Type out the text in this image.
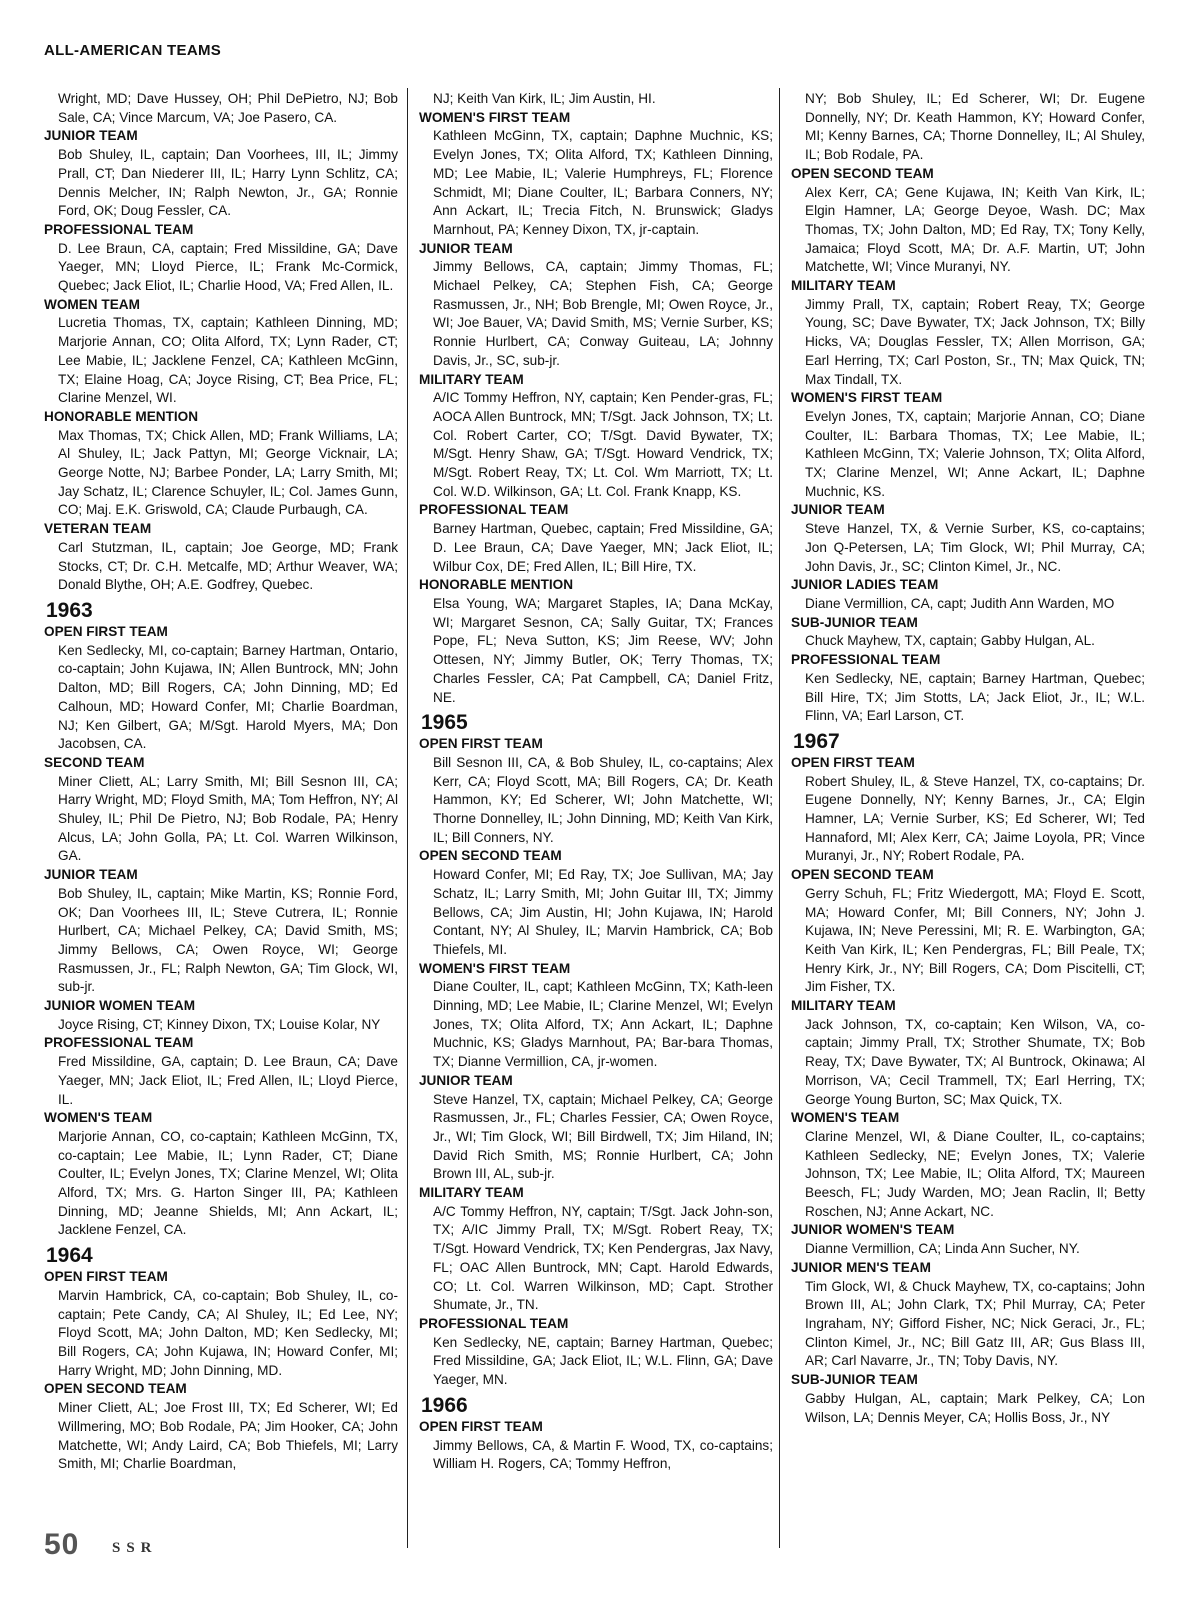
ALL-AMERICAN TEAMS
Wright, MD; Dave Hussey, OH; Phil DePietro, NJ; Bob Sale, CA; Vince Marcum, VA; Joe Pasero, CA.
JUNIOR TEAM
Bob Shuley, IL, captain; Dan Voorhees, III, IL; Jimmy Prall, CT; Dan Niederer III, IL; Harry Lynn Schlitz, CA; Dennis Melcher, IN; Ralph Newton, Jr., GA; Ronnie Ford, OK; Doug Fessler, CA.
PROFESSIONAL TEAM
D. Lee Braun, CA, captain; Fred Missildine, GA; Dave Yaeger, MN; Lloyd Pierce, IL; Frank Mc-Cormick, Quebec; Jack Eliot, IL; Charlie Hood, VA; Fred Allen, IL.
WOMEN TEAM
Lucretia Thomas, TX, captain; Kathleen Dinning, MD; Marjorie Annan, CO; Olita Alford, TX; Lynn Rader, CT; Lee Mabie, IL; Jacklene Fenzel, CA; Kathleen McGinn, TX; Elaine Hoag, CA; Joyce Rising, CT; Bea Price, FL; Clarine Menzel, WI.
HONORABLE MENTION
Max Thomas, TX; Chick Allen, MD; Frank Williams, LA; Al Shuley, IL; Jack Pattyn, MI; George Vicknair, LA; George Notte, NJ; Barbee Ponder, LA; Larry Smith, MI; Jay Schatz, IL; Clarence Schuyler, IL; Col. James Gunn, CO; Maj. E.K. Griswold, CA; Claude Purbaugh, CA.
VETERAN TEAM
Carl Stutzman, IL, captain; Joe George, MD; Frank Stocks, CT; Dr. C.H. Metcalfe, MD; Arthur Weaver, WA; Donald Blythe, OH; A.E. Godfrey, Quebec.
1963
OPEN FIRST TEAM
Ken Sedlecky, MI, co-captain; Barney Hartman, Ontario, co-captain; John Kujawa, IN; Allen Buntrock, MN; John Dalton, MD; Bill Rogers, CA; John Dinning, MD; Ed Calhoun, MD; Howard Confer, MI; Charlie Boardman, NJ; Ken Gilbert, GA; M/Sgt. Harold Myers, MA; Don Jacobsen, CA.
SECOND TEAM
Miner Cliett, AL; Larry Smith, MI; Bill Sesnon III, CA; Harry Wright, MD; Floyd Smith, MA; Tom Heffron, NY; Al Shuley, IL; Phil De Pietro, NJ; Bob Rodale, PA; Henry Alcus, LA; John Golla, PA; Lt. Col. Warren Wilkinson, GA.
JUNIOR TEAM
Bob Shuley, IL, captain; Mike Martin, KS; Ronnie Ford, OK; Dan Voorhees III, IL; Steve Cutrera, IL; Ronnie Hurlbert, CA; Michael Pelkey, CA; David Smith, MS; Jimmy Bellows, CA; Owen Royce, WI; George Rasmussen, Jr., FL; Ralph Newton, GA; Tim Glock, WI, sub-jr.
JUNIOR WOMEN TEAM
Joyce Rising, CT; Kinney Dixon, TX; Louise Kolar, NY
PROFESSIONAL TEAM
Fred Missildine, GA, captain; D. Lee Braun, CA; Dave Yaeger, MN; Jack Eliot, IL; Fred Allen, IL; Lloyd Pierce, IL.
WOMEN'S TEAM
Marjorie Annan, CO, co-captain; Kathleen McGinn, TX, co-captain; Lee Mabie, IL; Lynn Rader, CT; Diane Coulter, IL; Evelyn Jones, TX; Clarine Menzel, WI; Olita Alford, TX; Mrs. G. Harton Singer III, PA; Kathleen Dinning, MD; Jeanne Shields, MI; Ann Ackart, IL; Jacklene Fenzel, CA.
1964
OPEN FIRST TEAM
Marvin Hambrick, CA, co-captain; Bob Shuley, IL, co-captain; Pete Candy, CA; Al Shuley, IL; Ed Lee, NY; Floyd Scott, MA; John Dalton, MD; Ken Sedlecky, MI; Bill Rogers, CA; John Kujawa, IN; Howard Confer, MI; Harry Wright, MD; John Dinning, MD.
OPEN SECOND TEAM
Miner Cliett, AL; Joe Frost III, TX; Ed Scherer, WI; Ed Willmering, MO; Bob Rodale, PA; Jim Hooker, CA; John Matchette, WI; Andy Laird, CA; Bob Thiefels, MI; Larry Smith, MI; Charlie Boardman,
NJ; Keith Van Kirk, IL; Jim Austin, HI.
WOMEN'S FIRST TEAM
Kathleen McGinn, TX, captain; Daphne Muchnic, KS; Evelyn Jones, TX; Olita Alford, TX; Kathleen Dinning, MD; Lee Mabie, IL; Valerie Humphreys, FL; Florence Schmidt, MI; Diane Coulter, IL; Barbara Conners, NY; Ann Ackart, IL; Trecia Fitch, N. Brunswick; Gladys Marnhout, PA; Kenney Dixon, TX, jr-captain.
JUNIOR TEAM
Jimmy Bellows, CA, captain; Jimmy Thomas, FL; Michael Pelkey, CA; Stephen Fish, CA; George Rasmussen, Jr., NH; Bob Brengle, MI; Owen Royce, Jr., WI; Joe Bauer, VA; David Smith, MS; Vernie Surber, KS; Ronnie Hurlbert, CA; Conway Guiteau, LA; Johnny Davis, Jr., SC, sub-jr.
MILITARY TEAM
A/IC Tommy Heffron, NY, captain; Ken Pender-gras, FL; AOCA Allen Buntrock, MN; T/Sgt. Jack Johnson, TX; Lt. Col. Robert Carter, CO; T/Sgt. David Bywater, TX; M/Sgt. Henry Shaw, GA; T/Sgt. Howard Vendrick, TX; M/Sgt. Robert Reay, TX; Lt. Col. Wm Marriott, TX; Lt. Col. W.D. Wilkinson, GA; Lt. Col. Frank Knapp, KS.
PROFESSIONAL TEAM
Barney Hartman, Quebec, captain; Fred Missildine, GA; D. Lee Braun, CA; Dave Yaeger, MN; Jack Eliot, IL; Wilbur Cox, DE; Fred Allen, IL; Bill Hire, TX.
HONORABLE MENTION
Elsa Young, WA; Margaret Staples, IA; Dana McKay, WI; Margaret Sesnon, CA; Sally Guitar, TX; Frances Pope, FL; Neva Sutton, KS; Jim Reese, WV; John Ottesen, NY; Jimmy Butler, OK; Terry Thomas, TX; Charles Fessler, CA; Pat Campbell, CA; Daniel Fritz, NE.
1965
OPEN FIRST TEAM
Bill Sesnon III, CA, & Bob Shuley, IL, co-captains; Alex Kerr, CA; Floyd Scott, MA; Bill Rogers, CA; Dr. Keath Hammon, KY; Ed Scherer, WI; John Matchette, WI; Thorne Donnelley, IL; John Dinning, MD; Keith Van Kirk, IL; Bill Conners, NY.
OPEN SECOND TEAM
Howard Confer, MI; Ed Ray, TX; Joe Sullivan, MA; Jay Schatz, IL; Larry Smith, MI; John Guitar III, TX; Jimmy Bellows, CA; Jim Austin, HI; John Kujawa, IN; Harold Contant, NY; Al Shuley, IL; Marvin Hambrick, CA; Bob Thiefels, MI.
WOMEN'S FIRST TEAM
Diane Coulter, IL, capt; Kathleen McGinn, TX; Kath-leen Dinning, MD; Lee Mabie, IL; Clarine Menzel, WI; Evelyn Jones, TX; Olita Alford, TX; Ann Ackart, IL; Daphne Muchnic, KS; Gladys Marnhout, PA; Bar-bara Thomas, TX; Dianne Vermillion, CA, jr-women.
JUNIOR TEAM
Steve Hanzel, TX, captain; Michael Pelkey, CA; George Rasmussen, Jr., FL; Charles Fessier, CA; Owen Royce, Jr., WI; Tim Glock, WI; Bill Birdwell, TX; Jim Hiland, IN; David Rich Smith, MS; Ronnie Hurlbert, CA; John Brown III, AL, sub-jr.
MILITARY TEAM
A/C Tommy Heffron, NY, captain; T/Sgt. Jack John-son, TX; A/IC Jimmy Prall, TX; M/Sgt. Robert Reay, TX; T/Sgt. Howard Vendrick, TX; Ken Pendergras, Jax Navy, FL; OAC Allen Buntrock, MN; Capt. Harold Edwards, CO; Lt. Col. Warren Wilkinson, MD; Capt. Strother Shumate, Jr., TN.
PROFESSIONAL TEAM
Ken Sedlecky, NE, captain; Barney Hartman, Quebec; Fred Missildine, GA; Jack Eliot, IL; W.L. Flinn, GA; Dave Yaeger, MN.
1966
OPEN FIRST TEAM
Jimmy Bellows, CA, & Martin F. Wood, TX, co-captains; William H. Rogers, CA; Tommy Heffron,
NY; Bob Shuley, IL; Ed Scherer, WI; Dr. Eugene Donnelly, NY; Dr. Keath Hammon, KY; Howard Confer, MI; Kenny Barnes, CA; Thorne Donnelley, IL; Al Shuley, IL; Bob Rodale, PA.
OPEN SECOND TEAM
Alex Kerr, CA; Gene Kujawa, IN; Keith Van Kirk, IL; Elgin Hamner, LA; George Deyoe, Wash. DC; Max Thomas, TX; John Dalton, MD; Ed Ray, TX; Tony Kelly, Jamaica; Floyd Scott, MA; Dr. A.F. Martin, UT; John Matchette, WI; Vince Muranyi, NY.
MILITARY TEAM
Jimmy Prall, TX, captain; Robert Reay, TX; George Young, SC; Dave Bywater, TX; Jack Johnson, TX; Billy Hicks, VA; Douglas Fessler, TX; Allen Morrison, GA; Earl Herring, TX; Carl Poston, Sr., TN; Max Quick, TN; Max Tindall, TX.
WOMEN'S FIRST TEAM
Evelyn Jones, TX, captain; Marjorie Annan, CO; Diane Coulter, IL: Barbara Thomas, TX; Lee Mabie, IL; Kathleen McGinn, TX; Valerie Johnson, TX; Olita Alford, TX; Clarine Menzel, WI; Anne Ackart, IL; Daphne Muchnic, KS.
JUNIOR TEAM
Steve Hanzel, TX, & Vernie Surber, KS, co-captains; Jon Q-Petersen, LA; Tim Glock, WI; Phil Murray, CA; John Davis, Jr., SC; Clinton Kimel, Jr., NC.
JUNIOR LADIES TEAM
Diane Vermillion, CA, capt; Judith Ann Warden, MO
SUB-JUNIOR TEAM
Chuck Mayhew, TX, captain; Gabby Hulgan, AL.
PROFESSIONAL TEAM
Ken Sedlecky, NE, captain; Barney Hartman, Quebec; Bill Hire, TX; Jim Stotts, LA; Jack Eliot, Jr., IL; W.L. Flinn, VA; Earl Larson, CT.
1967
OPEN FIRST TEAM
Robert Shuley, IL, & Steve Hanzel, TX, co-captains; Dr. Eugene Donnelly, NY; Kenny Barnes, Jr., CA; Elgin Hamner, LA; Vernie Surber, KS; Ed Scherer, WI; Ted Hannaford, MI; Alex Kerr, CA; Jaime Loyola, PR; Vince Muranyi, Jr., NY; Robert Rodale, PA.
OPEN SECOND TEAM
Gerry Schuh, FL; Fritz Wiedergott, MA; Floyd E. Scott, MA; Howard Confer, MI; Bill Conners, NY; John J. Kujawa, IN; Neve Peressini, MI; R. E. Warbington, GA; Keith Van Kirk, IL; Ken Pendergras, FL; Bill Peale, TX; Henry Kirk, Jr., NY; Bill Rogers, CA; Dom Piscitelli, CT; Jim Fisher, TX.
MILITARY TEAM
Jack Johnson, TX, co-captain; Ken Wilson, VA, co-captain; Jimmy Prall, TX; Strother Shumate, TX; Bob Reay, TX; Dave Bywater, TX; Al Buntrock, Okinawa; Al Morrison, VA; Cecil Trammell, TX; Earl Herring, TX; George Young Burton, SC; Max Quick, TX.
WOMEN'S TEAM
Clarine Menzel, WI, & Diane Coulter, IL, co-captains; Kathleen Sedlecky, NE; Evelyn Jones, TX; Valerie Johnson, TX; Lee Mabie, IL; Olita Alford, TX; Maureen Beesch, FL; Judy Warden, MO; Jean Raclin, Il; Betty Roschen, NJ; Anne Ackart, NC.
JUNIOR WOMEN'S TEAM
Dianne Vermillion, CA; Linda Ann Sucher, NY.
JUNIOR MEN'S TEAM
Tim Glock, WI, & Chuck Mayhew, TX, co-captains; John Brown III, AL; John Clark, TX; Phil Murray, CA; Peter Ingraham, NY; Gifford Fisher, NC; Nick Geraci, Jr., FL; Clinton Kimel, Jr., NC; Bill Gatz III, AR; Gus Blass III, AR; Carl Navarre, Jr., TN; Toby Davis, NY.
SUB-JUNIOR TEAM
Gabby Hulgan, AL, captain; Mark Pelkey, CA; Lon Wilson, LA; Dennis Meyer, CA; Hollis Boss, Jr., NY
50 SSR
